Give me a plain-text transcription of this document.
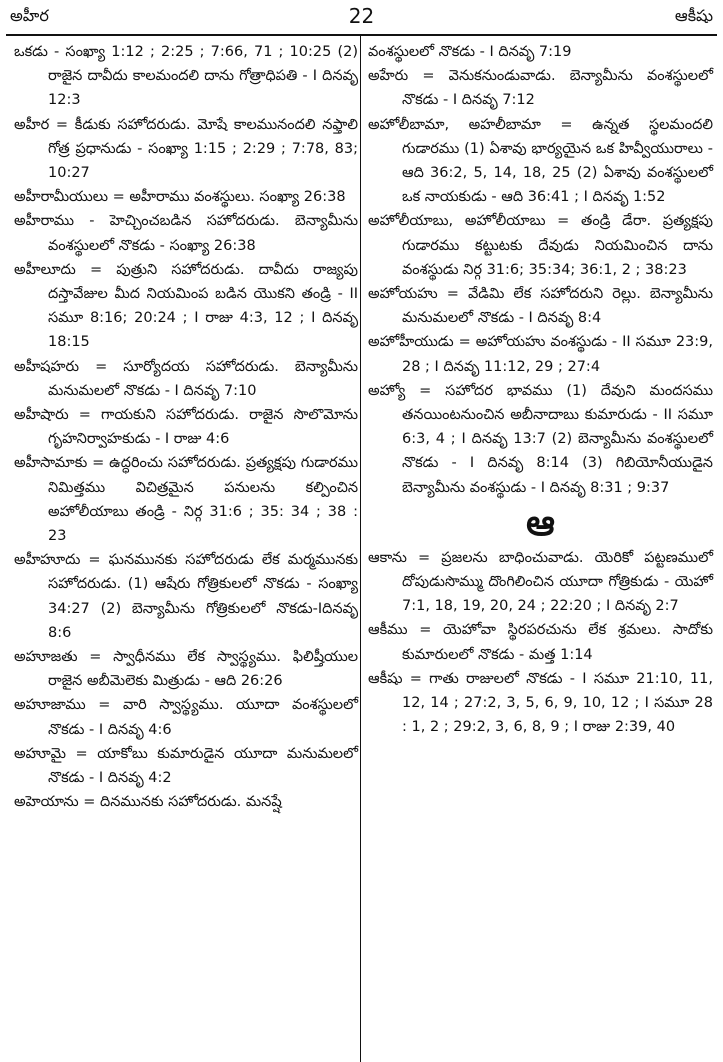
అహీర	22	ఆకీషు

ఒకడు - సంఖ్యా 1:12 ; 2:25 ; 7:66, 71 ; 10:25 (2) రాజైన దావీదు కాలమందలి దాను గోత్రాధిపతి - I దినవృ 12:3

అహీర = కీడుకు సహోదరుడు. మోషే కాలమునందలి నఫ్తాలి గోత్ర ప్రధానుడు - సంఖ్యా 1:15 ; 2:29 ; 7:78, 83; 10:27

అహీరామీయులు = అహీరాము వంశస్థులు. సంఖ్యా 26:38

అహీరాము - హెచ్చించబడిన సహోదరుడు. బెన్యామీను వంశస్థులలో నొకడు - సంఖ్యా 26:38

అహీలూదు = పుత్రుని సహోదరుడు. దావీదు రాజ్యపు దస్తావేజుల మీద నియమింప బడిన యొకని తండ్రి - II సమూ 8:16; 20:24 ; I రాజు 4:3, 12 ; I దినవృ 18:15

అహీషహరు = సూర్యోదయ సహోదరుడు. బెన్యామీను మనుమలలో నొకడు - I దినవృ 7:10

అహీషారు = గాయకుని సహోదరుడు. రాజైన సొలొమోను గృహనిర్వాహకుడు - I రాజు 4:6

అహీసామాకు = ఉద్ధరించు సహోదరుడు. ప్రత్యక్షపు గుడారము నిమిత్తము విచిత్రమైన పనులను కల్పించిన అహోలీయాబు తండ్రి - నిర్గ 31:6 ; 35: 34 ; 38 : 23

అహీహూదు = ఘనమునకు సహోదరుడు లేక మర్మమునకు సహోదరుడు. (1) ఆషేరు గోత్రికులలో నొకడు - సంఖ్యా 34:27 (2) బెన్యామీను గోత్రికులలో నొకడు-Iదినవృ 8:6

అహూజతు = స్వాధీనము లేక స్వాస్థ్యము. ఫిలిష్తీయుల రాజైన అబీమెలెకు మిత్రుడు - ఆది 26:26

అహూజాము = వారి స్వాస్థ్యము. యూదా వంశస్థులలో నొకడు - I దినవృ 4:6

అహూమై = యాకోబు కుమారుడైన యూదా మనుమలలో నొకడు - I దినవృ 4:2

అహెయాను = దినమునకు సహోదరుడు. మనష్షే

వంశస్థులలో నొకడు - I దినవృ 7:19

అహేరు = వెనుకనుండువాడు. బెన్యామీను వంశస్థులలో నొకడు - I దినవృ 7:12

అహోలీబామా, అహలీబామా = ఉన్నత స్థలమందలి గుడారము (1) ఏశావు భార్యయైన ఒక హివ్వీయురాలు - ఆది 36:2, 5, 14, 18, 25 (2) ఏశావు వంశస్థులలో ఒక నాయకుడు - ఆది 36:41 ; I దినవృ 1:52

అహోలీయాబు, అహోలీయాబు = తండ్రి డేరా. ప్రత్యక్షపు గుడారము కట్టుటకు దేవుడు నియమించిన దాను వంశస్థుడు నిర్గ 31:6; 35:34; 36:1, 2 ; 38:23

అహోయహు = వేడిమి లేక సహోదరుని రెల్లు. బెన్యామీను మనుమలలో నొకడు - I దినవృ 8:4

అహోహీయుడు = అహోయహు వంశస్థుడు - II సమూ 23:9, 28 ; I దినవృ 11:12, 29 ; 27:4

అహ్యో = సహోదర భావము (1) దేవుని మందసము తనయింటనుంచిన అబీనాదాబు కుమారుడు - II సమూ 6:3, 4 ; I దినవృ 13:7 (2) బెన్యామీను వంశస్థులలో నొకడు - I దినవృ 8:14 (3) గిబియోనీయుడైన బెన్యామీను వంశస్థుడు - I దినవృ 8:31 ; 9:37

ఆ

ఆకాను = ప్రజలను బాధించువాడు. యెరికో పట్టణములో దోపుడుసొమ్ము దొంగిలించిన యూదా గోత్రికుడు - యెహో 7:1, 18, 19, 20, 24 ; 22:20 ; I దినవృ 2:7

ఆకీము = యెహోవా స్థిరపరచును లేక శ్రమలు. సాదోకు కుమారులలో నొకడు - మత్త 1:14

ఆకీషు = గాతు రాజులలో నొకడు - I సమూ 21:10, 11, 12, 14 ; 27:2, 3, 5, 6, 9, 10, 12 ; I సమూ 28 : 1, 2 ; 29:2, 3, 6, 8, 9 ; I రాజు 2:39, 40
